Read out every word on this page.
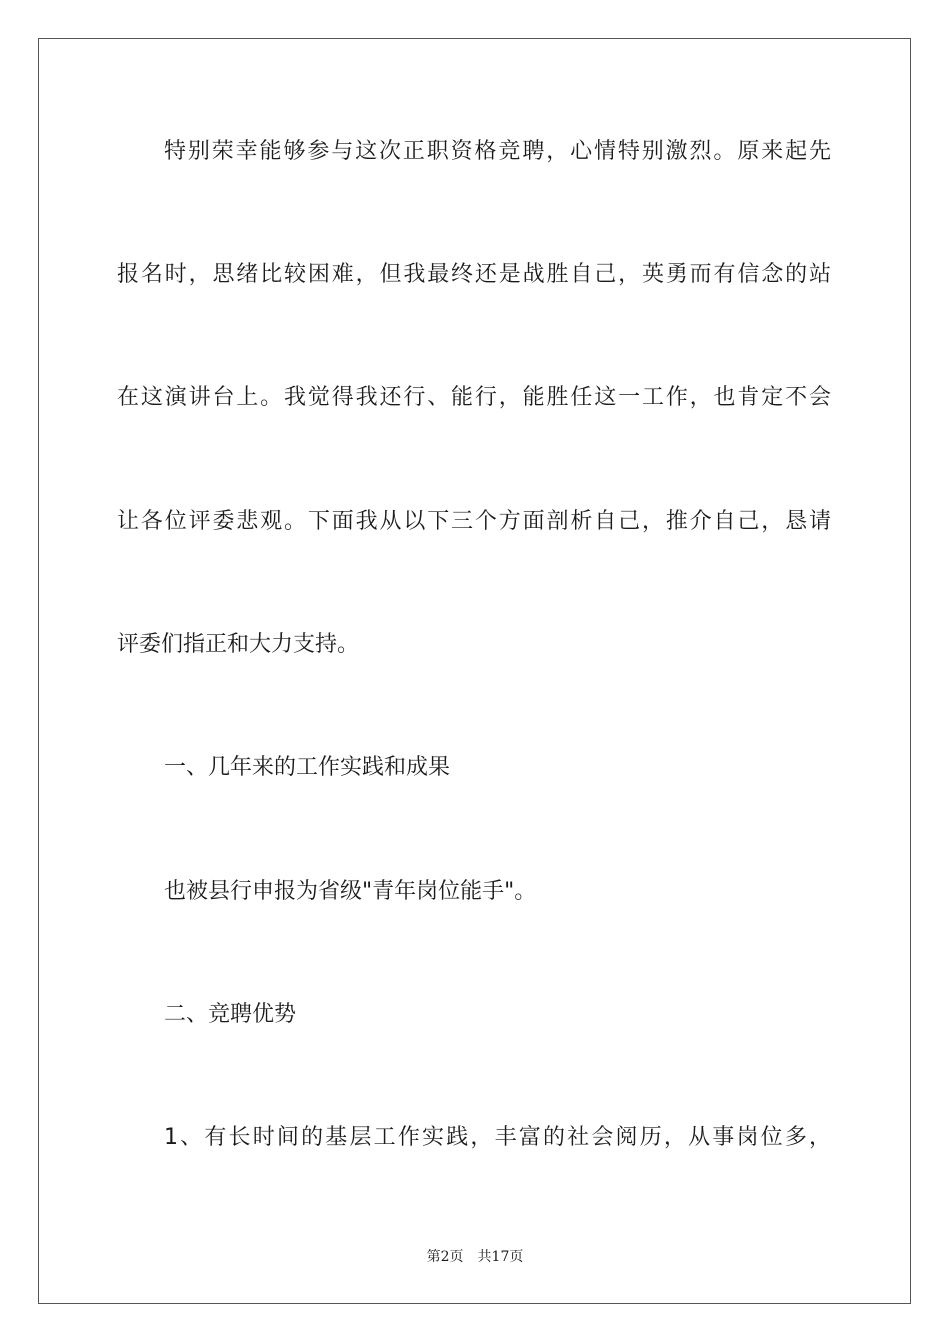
特别荣幸能够参与这次正职资格竞聘，心情特别激烈。原来起先
报名时，思绪比较困难，但我最终还是战胜自己，英勇而有信念的站
在这演讲台上。我觉得我还行、能行，能胜任这一工作，也肯定不会
让各位评委悲观。下面我从以下三个方面剖析自己，推介自己，恳请
评委们指正和大力支持。
一、几年来的工作实践和成果
也被县行申报为省级"青年岗位能手"。
二、竞聘优势
1、有长时间的基层工作实践，丰富的社会阅历，从事岗位多，
第2页 共17页
